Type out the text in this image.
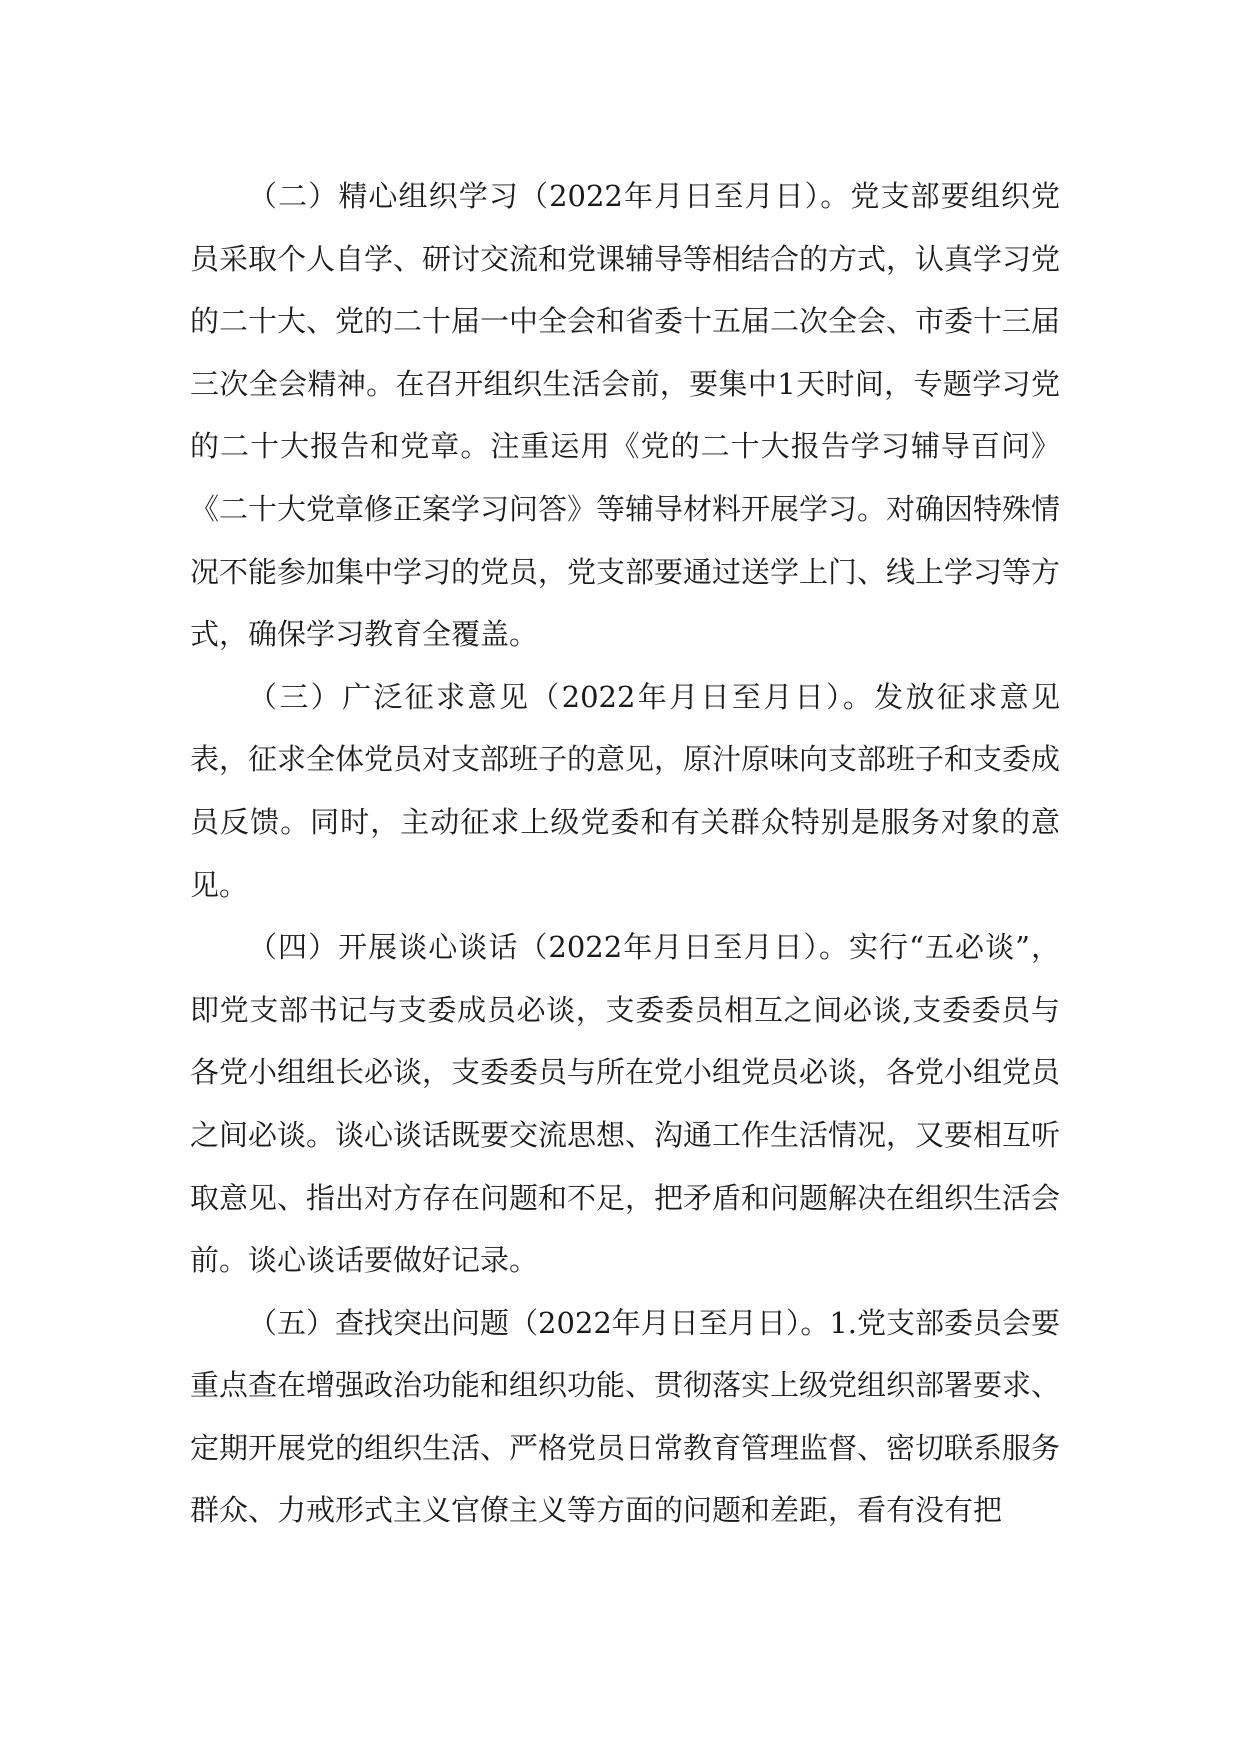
（二）精心组织学习（2022年月日至月日）。党支部要组织党员采取个人自学、研讨交流和党课辅导等相结合的方式，认真学习党的二十大、党的二十届一中全会和省委十五届二次全会、市委十三届三次全会精神。在召开组织生活会前，要集中1天时间，专题学习党的二十大报告和党章。注重运用《党的二十大报告学习辅导百问》《二十大党章修正案学习问答》等辅导材料开展学习。对确因特殊情况不能参加集中学习的党员，党支部要通过送学上门、线上学习等方式，确保学习教育全覆盖。

（三）广泛征求意见（2022年月日至月日）。发放征求意见表，征求全体党员对支部班子的意见，原汁原味向支部班子和支委成员反馈。同时，主动征求上级党委和有关群众特别是服务对象的意见。

（四）开展谈心谈话（2022年月日至月日）。实行“五必谈”，即党支部书记与支委成员必谈，支委委员相互之间必谈,支委委员与各党小组组长必谈，支委委员与所在党小组党员必谈，各党小组党员之间必谈。谈心谈话既要交流思想、沟通工作生活情况，又要相互听取意见、指出对方存在问题和不足，把矛盾和问题解决在组织生活会前。谈心谈话要做好记录。

（五）查找突出问题（2022年月日至月日）。1.党支部委员会要重点查在增强政治功能和组织功能、贯彻落实上级党组织部署要求、定期开展党的组织生活、严格党员日常教育管理监督、密切联系服务群众、力戒形式主义官僚主义等方面的问题和差距，看有没有把
